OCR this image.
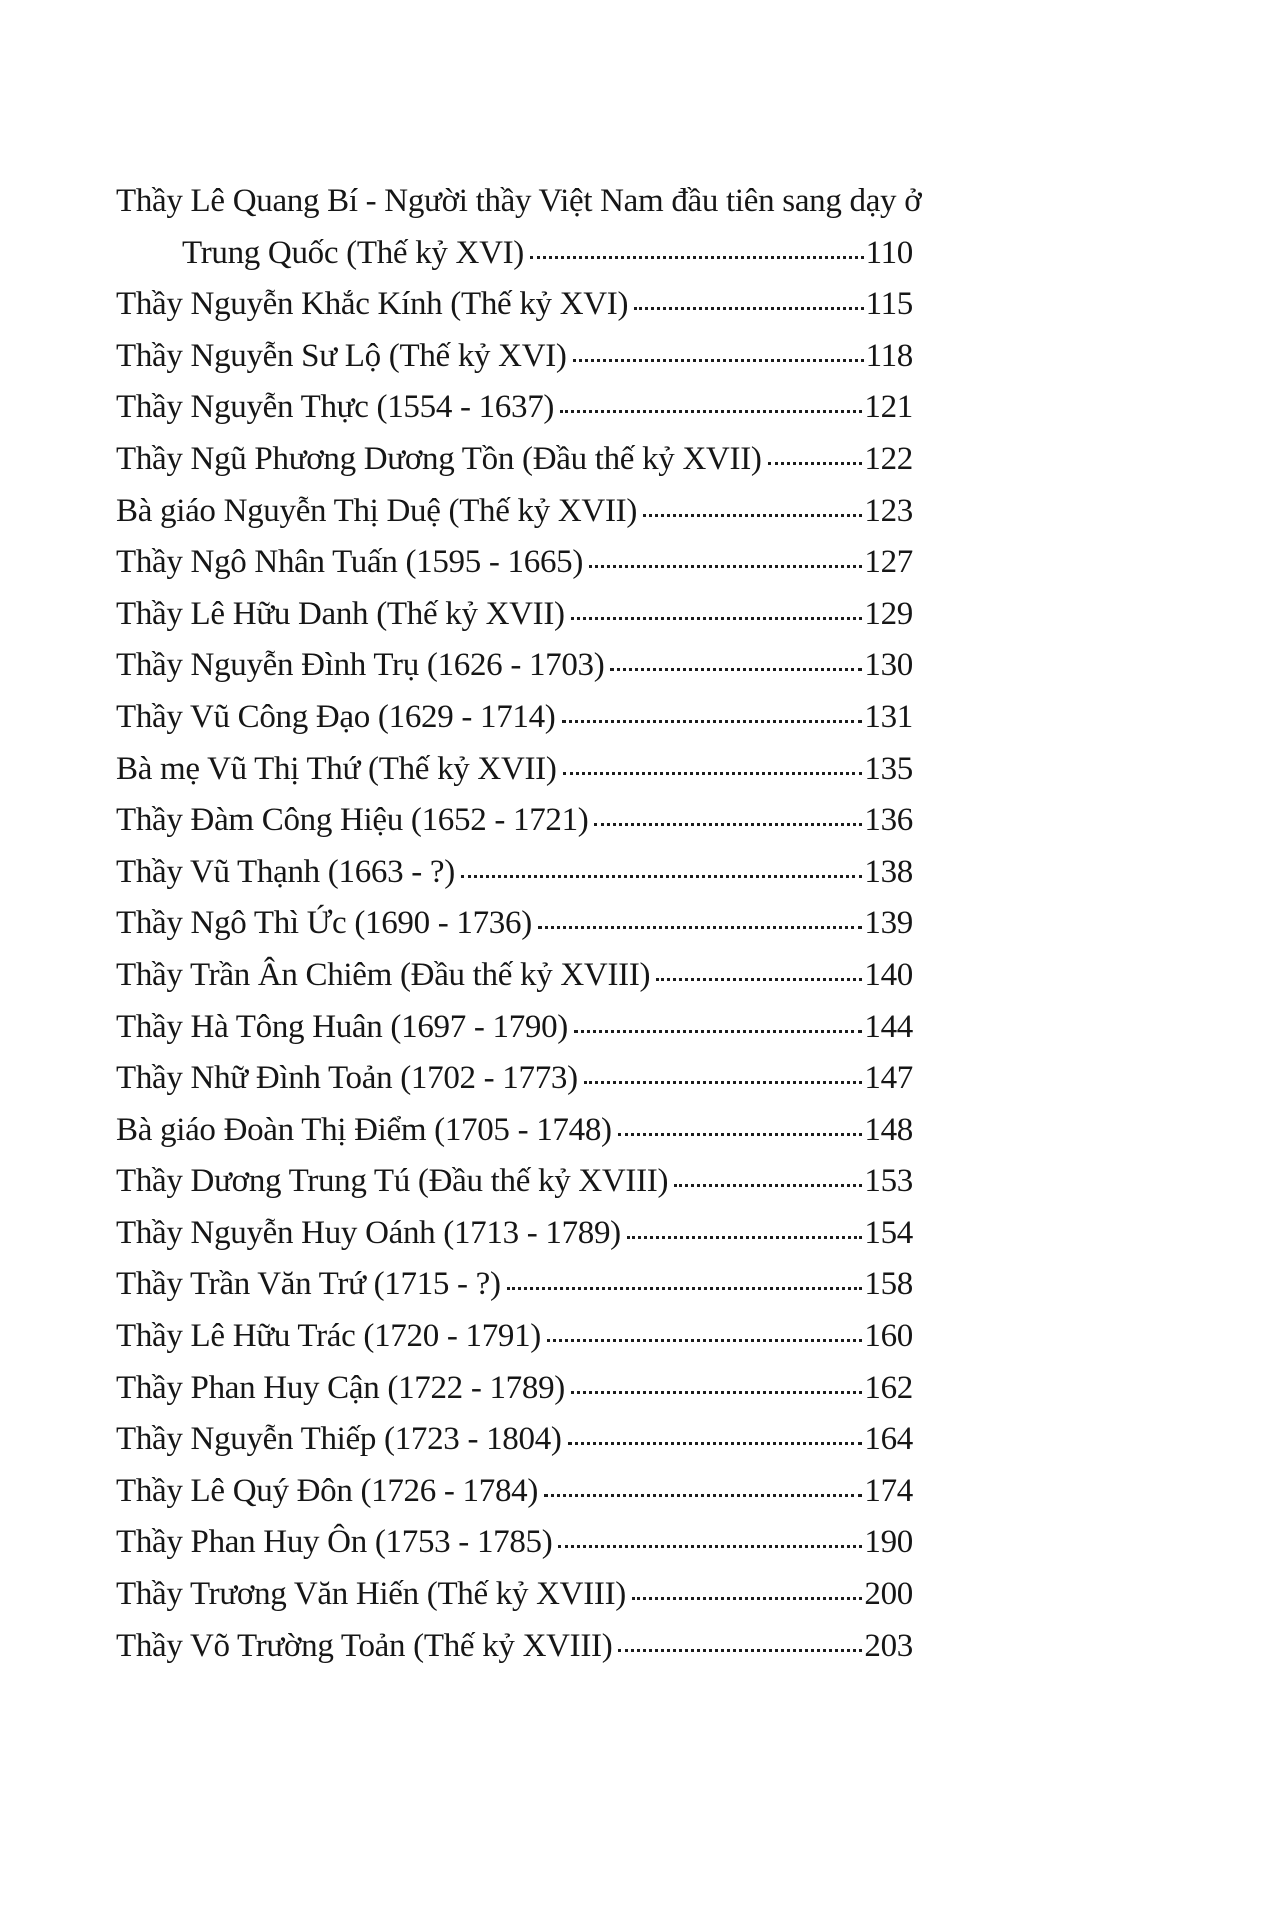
Thầy Lê Quang Bí - Người thầy Việt Nam đầu tiên sang dạy ở
Trung Quốc (Thế kỷ XVI)	110
Thầy Nguyễn Khắc Kính (Thế kỷ XVI)	115
Thầy Nguyễn Sư Lộ (Thế kỷ XVI)	118
Thầy Nguyễn Thực (1554 - 1637)	121
Thầy Ngũ Phương Dương Tồn (Đầu thế kỷ XVII)	122
Bà giáo Nguyễn Thị Duệ (Thế kỷ XVII)	123
Thầy Ngô Nhân Tuấn (1595 - 1665)	127
Thầy Lê Hữu Danh (Thế kỷ XVII)	129
Thầy Nguyễn Đình Trụ (1626 - 1703)	130
Thầy Vũ Công Đạo (1629 - 1714)	131
Bà mẹ Vũ Thị Thứ (Thế kỷ XVII)	135
Thầy Đàm Công Hiệu (1652 - 1721)	136
Thầy Vũ Thạnh (1663 - ?)	138
Thầy Ngô Thì Ức (1690 - 1736)	139
Thầy Trần Ân Chiêm (Đầu thế kỷ XVIII)	140
Thầy Hà Tông Huân (1697 - 1790)	144
Thầy Nhữ Đình Toản (1702 - 1773)	147
Bà giáo Đoàn Thị Điểm (1705 - 1748)	148
Thầy Dương Trung Tú (Đầu thế kỷ XVIII)	153
Thầy Nguyễn Huy Oánh (1713 - 1789)	154
Thầy Trần Văn Trứ (1715 - ?)	158
Thầy Lê Hữu Trác (1720 - 1791)	160
Thầy Phan Huy Cận (1722 - 1789)	162
Thầy Nguyễn Thiếp (1723 - 1804)	164
Thầy Lê Quý Đôn (1726 - 1784)	174
Thầy Phan Huy Ôn (1753 - 1785)	190
Thầy Trương Văn Hiến (Thế kỷ XVIII)	200
Thầy Võ Trường Toản (Thế kỷ XVIII)	203
